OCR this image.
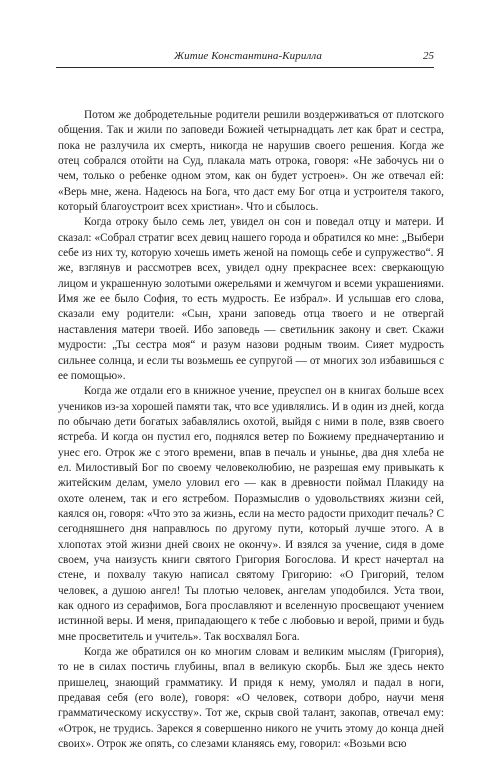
Житие Константина-Кирилла	25

Потом же добродетельные родители решили воздерживаться от плотского общения. Так и жили по заповеди Божией четырнадцать лет как брат и сестра, пока не разлучила их смерть, никогда не нарушив своего решения. Когда же отец собрался отойти на Суд, плакала мать отрока, говоря: «Не забочусь ни о чем, только о ребенке одном этом, как он будет устроен». Он же отвечал ей: «Верь мне, жена. Надеюсь на Бога, что даст ему Бог отца и устроителя такого, который благоустроит всех христиан». Что и сбылось.

Когда отроку было семь лет, увидел он сон и поведал отцу и матери. И сказал: «Собрал стратиг всех девиц нашего города и обратился ко мне: „Выбери себе из них ту, которую хочешь иметь женой на помощь себе и супружество“. Я же, взглянув и рассмотрев всех, увидел одну прекраснее всех: сверкающую лицом и украшенную золотыми ожерельями и жемчугом и всеми украшениями. Имя же ее было София, то есть мудрость. Ее избрал». И услышав его слова, сказали ему родители: «Сын, храни заповедь отца твоего и не отвергай наставления матери твоей. Ибо заповедь — светильник закону и свет. Скажи мудрости: „Ты сестра моя“ и разум назови родным твоим. Сияет мудрость сильнее солнца, и если ты возьмешь ее супругой — от многих зол избавишься с ее помощью».

Когда же отдали его в книжное учение, преуспел он в книгах больше всех учеников из-за хорошей памяти так, что все удивлялись. И в один из дней, когда по обычаю дети богатых забавлялись охотой, выйдя с ними в поле, взяв своего ястреба. И когда он пустил его, поднялся ветер по Божиему предначертанию и унес его. Отрок же с этого времени, впав в печаль и унынье, два дня хлеба не ел. Милостивый Бог по своему человеколюбию, не разрешая ему привыкать к житейским делам, умело уловил его — как в древности поймал Плакиду на охоте оленем, так и его ястребом. Поразмыслив о удовольствиях жизни сей, каялся он, говоря: «Что это за жизнь, если на место радости приходит печаль? С сегодняшнего дня направлюсь по другому пути, который лучше этого. А в хлопотах этой жизни дней своих не окончу». И взялся за учение, сидя в доме своем, уча наизусть книги святого Григория Богослова. И крест начертал на стене, и похвалу такую написал святому Григорию: «О Григорий, телом человек, а душою ангел! Ты плотью человек, ангелам уподобился. Уста твои, как одного из серафимов, Бога прославляют и вселенную просвещают учением истинной веры. И меня, припадающего к тебе с любовью и верой, прими и будь мне просветитель и учитель». Так восхвалял Бога.

Когда же обратился он ко многим словам и великим мыслям (Григория), то не в силах постичь глубины, впал в великую скорбь. Был же здесь некто пришелец, знающий грамматику. И придя к нему, умолял и падал в ноги, предавая себя (его воле), говоря: «О человек, сотвори добро, научи меня грамматическому искусству». Тот же, скрыв свой талант, закопав, отвечал ему: «Отрок, не трудись. Зарекся я совершенно никого не учить этому до конца дней своих». Отрок же опять, со слезами кланяясь ему, говорил: «Возьми всю
